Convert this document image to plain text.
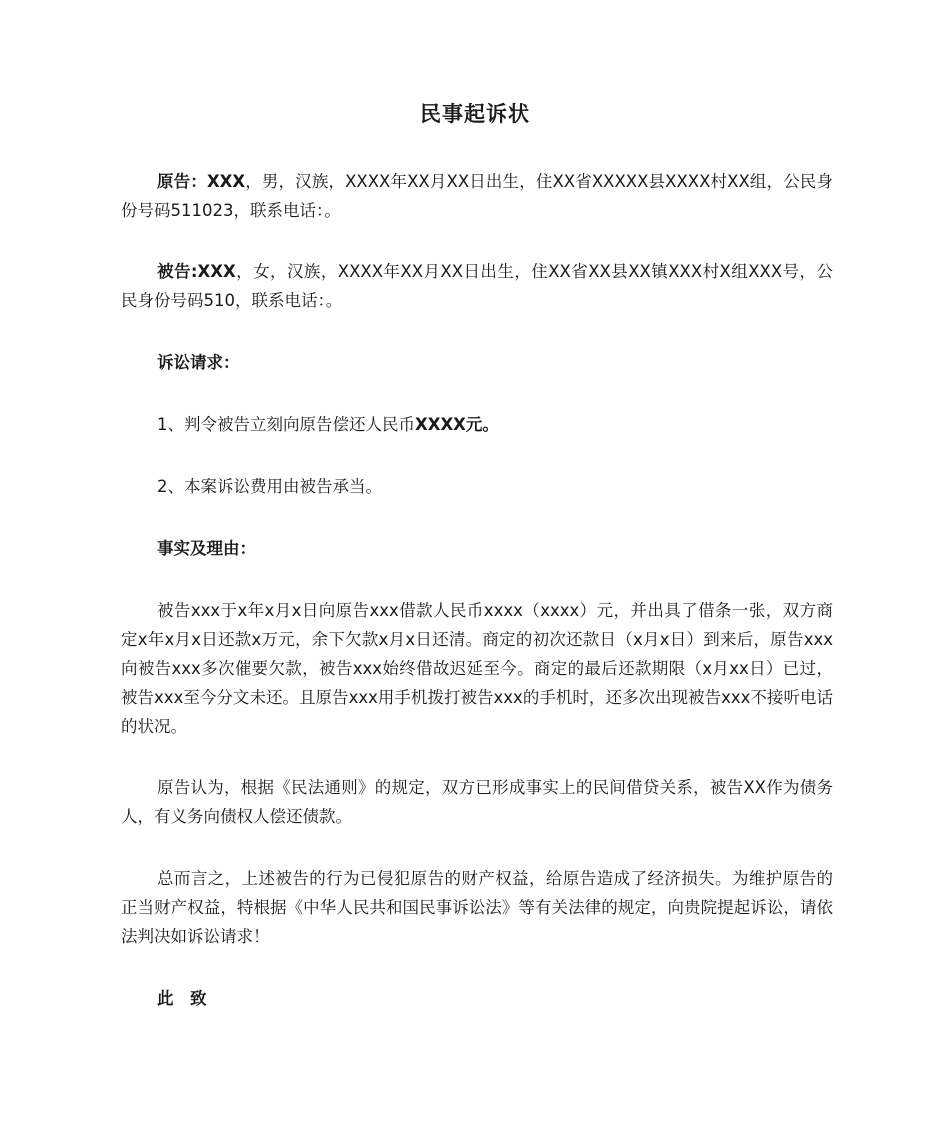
民事起诉状

原告：XXX，男，汉族，XXXX年XX月XX日出生，住XX省XXXXX县XXXX村XX组，公民身份号码511023，联系电话：。

被告:XXX，女，汉族，XXXX年XX月XX日出生，住XX省XX县XX镇XXX村X组XXX号，公民身份号码510，联系电话：。

诉讼请求：

1、判令被告立刻向原告偿还人民币XXXX元。

2、本案诉讼费用由被告承当。

事实及理由：

被告xxx于x年x月x日向原告xxx借款人民币xxxx（xxxx）元，并出具了借条一张，双方商定x年x月x日还款x万元，余下欠款x月x日还清。商定的初次还款日（x月x日）到来后，原告xxx向被告xxx多次催要欠款，被告xxx始终借故迟延至今。商定的最后还款期限（x月xx日）已过，被告xxx至今分文未还。且原告xxx用手机拨打被告xxx的手机时，还多次出现被告xxx不接听电话的状况。

原告认为，根据《民法通则》的规定，双方已形成事实上的民间借贷关系，被告XX作为债务人，有义务向债权人偿还债款。

总而言之，上述被告的行为已侵犯原告的财产权益，给原告造成了经济损失。为维护原告的正当财产权益，特根据《中华人民共和国民事诉讼法》等有关法律的规定，向贵院提起诉讼，请依法判决如诉讼请求！

此　致
